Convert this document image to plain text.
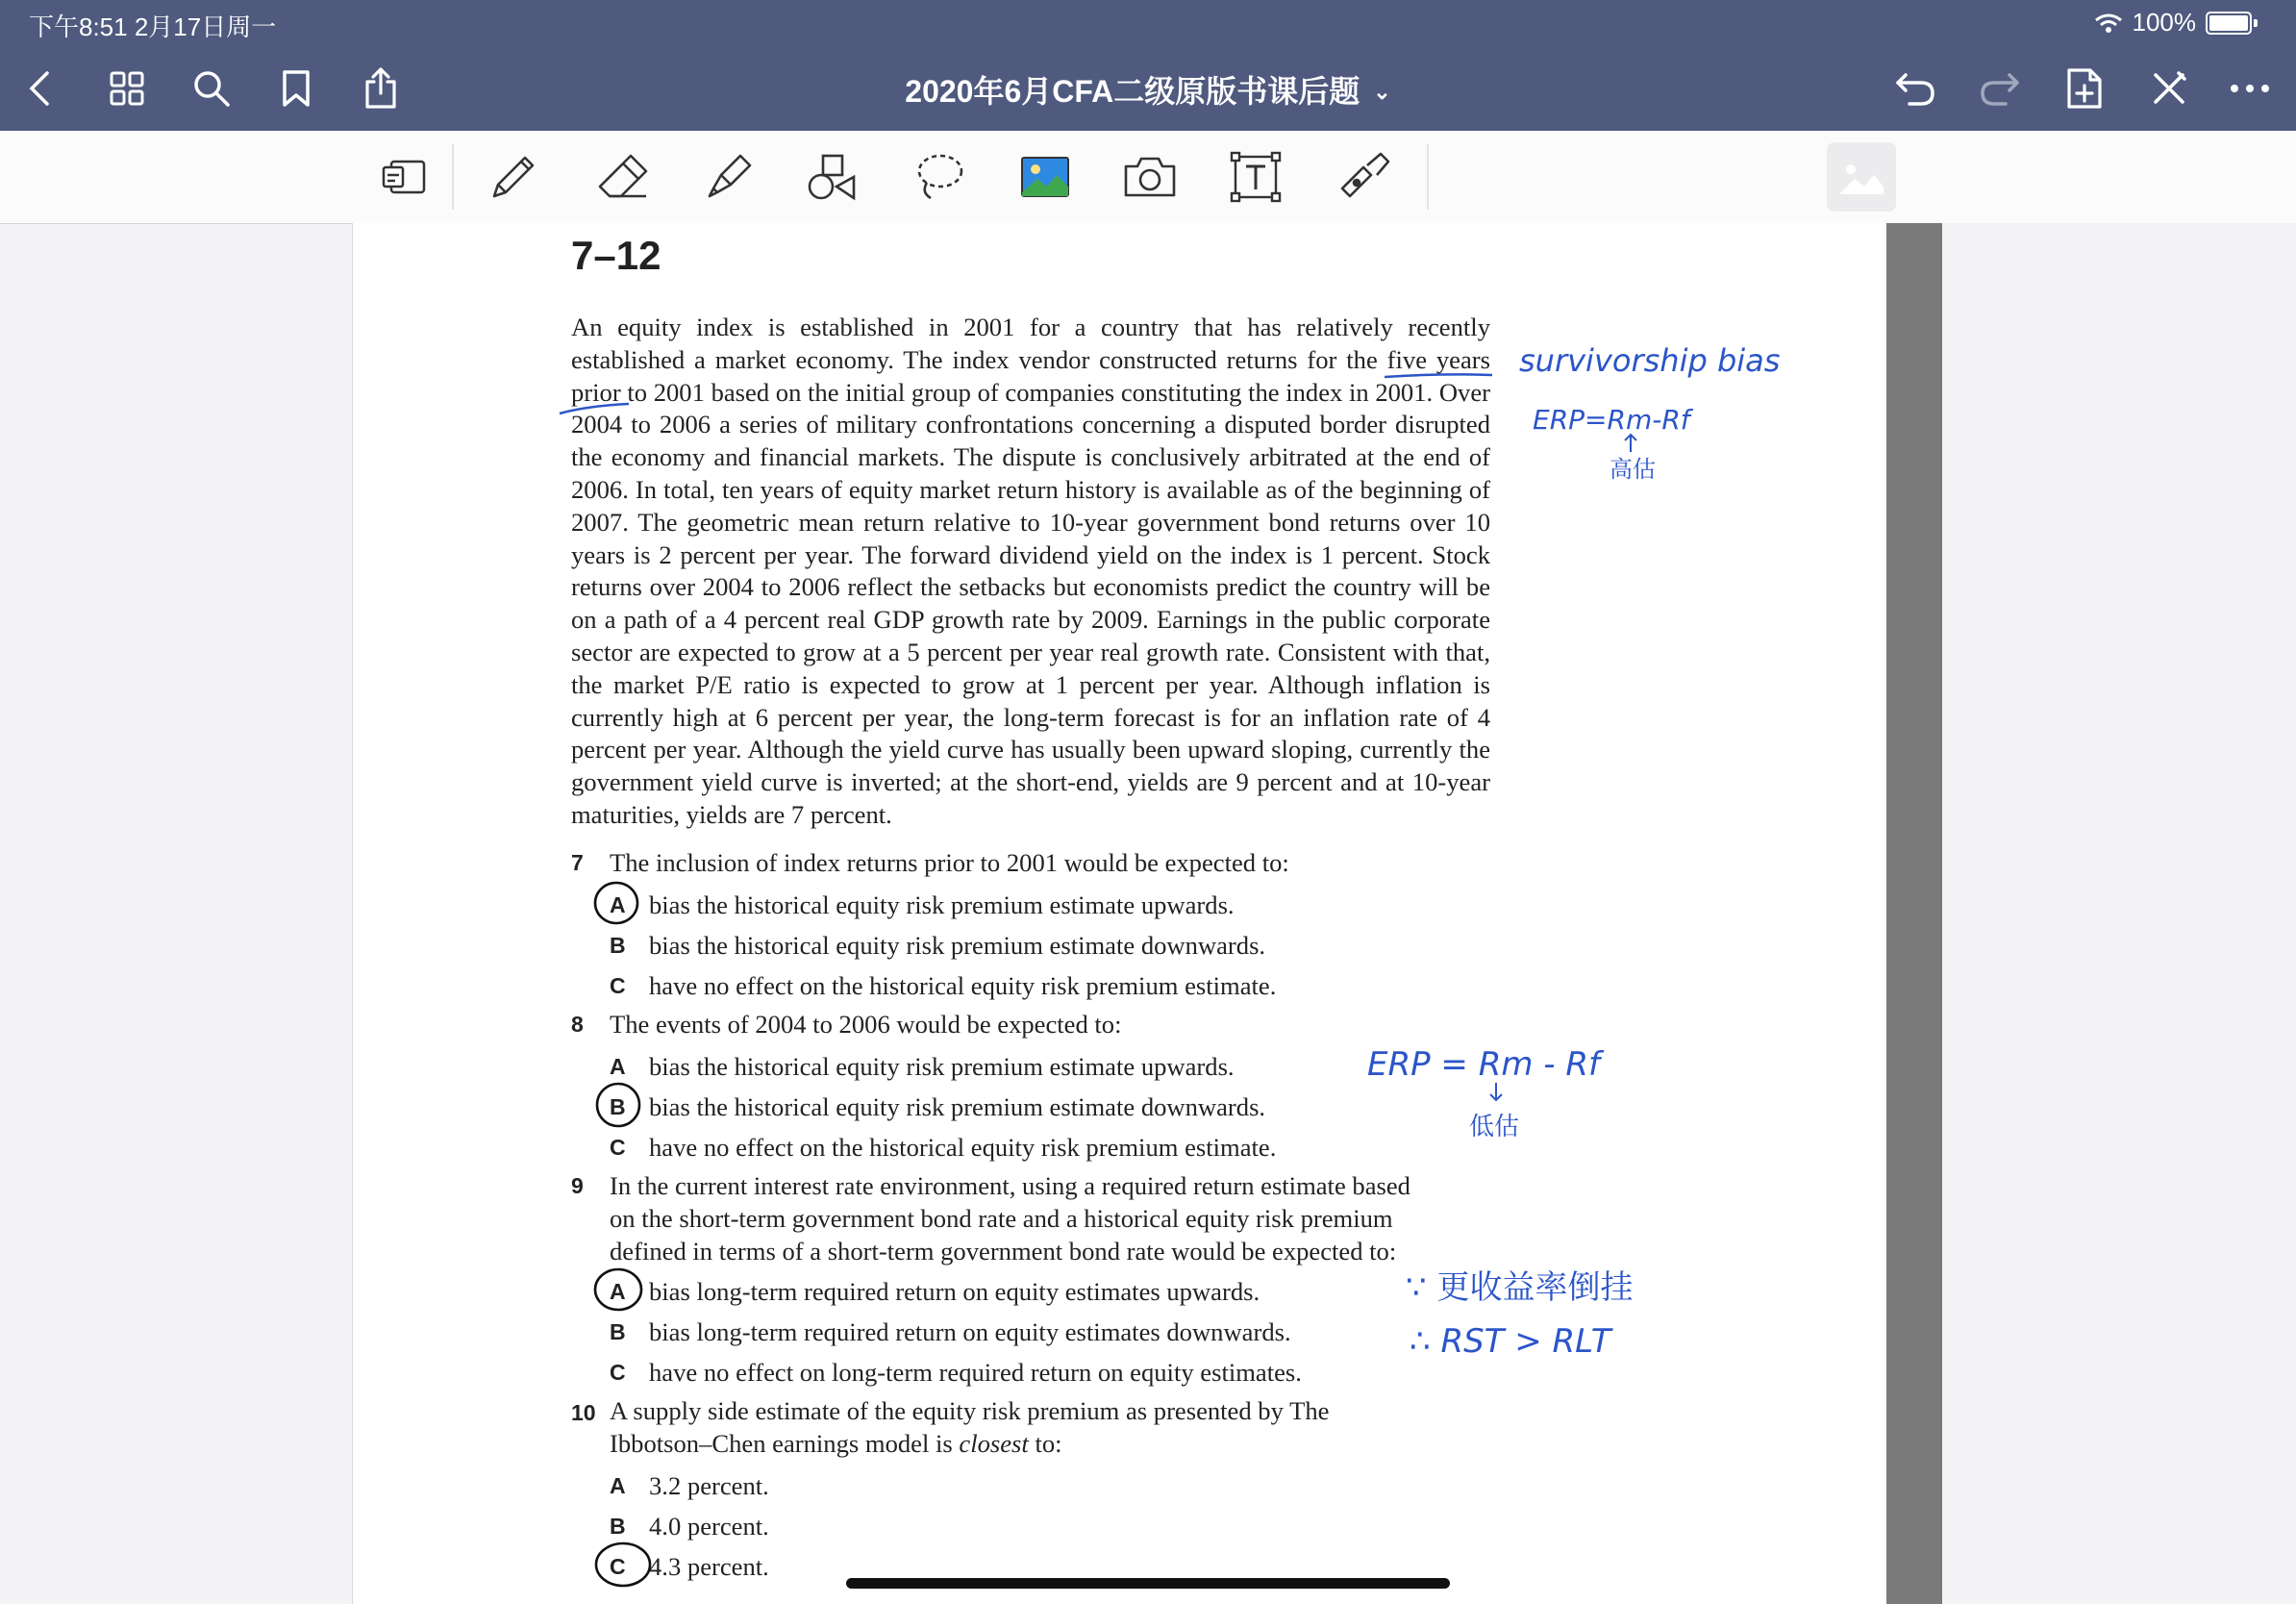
下午8:51 2月17日周一	100%
2020年6月CFA二级原版书课后题 ⌄
7–12
An equity index is established in 2001 for a country that has relatively recently established a market economy. The index vendor constructed returns for the five years prior to 2001 based on the initial group of companies constituting the index in 2001. Over 2004 to 2006 a series of military confrontations concerning a disputed border disrupted the economy and financial markets. The dispute is conclusively arbitrated at the end of 2006. In total, ten years of equity market return history is available as of the beginning of 2007. The geometric mean return relative to 10-year government bond returns over 10 years is 2 percent per year. The forward dividend yield on the index is 1 percent. Stock returns over 2004 to 2006 reflect the setbacks but economists predict the country will be on a path of a 4 percent real GDP growth rate by 2009. Earnings in the public corporate sector are expected to grow at a 5 percent per year real growth rate. Consistent with that, the market P/E ratio is expected to grow at 1 percent per year. Although inflation is currently high at 6 percent per year, the long-term forecast is for an inflation rate of 4 percent per year. Although the yield curve has usually been upward sloping, currently the government yield curve is inverted; at the short-end, yields are 9 percent and at 10-year maturities, yields are 7 percent.
7 The inclusion of index returns prior to 2001 would be expected to:
A bias the historical equity risk premium estimate upwards.
B bias the historical equity risk premium estimate downwards.
C have no effect on the historical equity risk premium estimate.
8 The events of 2004 to 2006 would be expected to:
A bias the historical equity risk premium estimate upwards.
B bias the historical equity risk premium estimate downwards.
C have no effect on the historical equity risk premium estimate.
9 In the current interest rate environment, using a required return estimate based
on the short-term government bond rate and a historical equity risk premium
defined in terms of a short-term government bond rate would be expected to:
A bias long-term required return on equity estimates upwards.
B bias long-term required return on equity estimates downwards.
C have no effect on long-term required return on equity estimates.
10 A supply side estimate of the equity risk premium as presented by The
Ibbotson–Chen earnings model is closest to:
A 3.2 percent.
B 4.0 percent.
C 4.3 percent.
survivorship bias
ERP=Rm-Rf
高估
ERP = Rm - Rf
低估
∵ 更收益率倒挂
∴ RST > RLT
